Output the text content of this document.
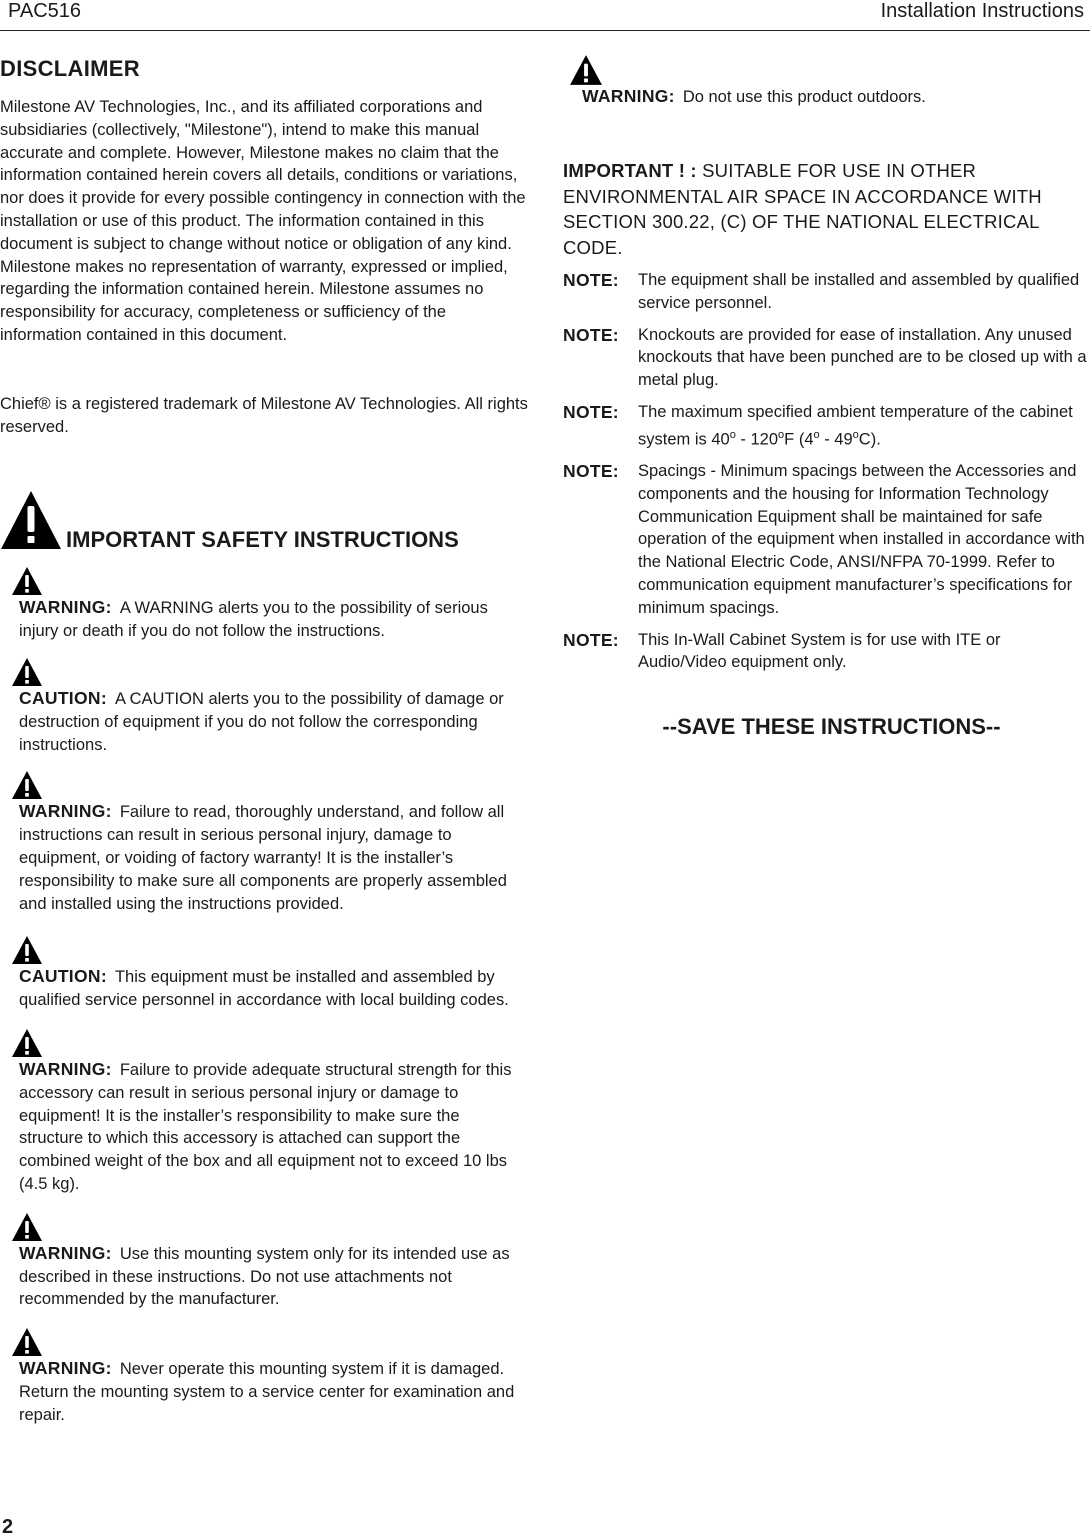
PAC516	Installation Instructions
DISCLAIMER

Milestone AV Technologies, Inc., and its affiliated corporations and subsidiaries (collectively, "Milestone"), intend to make this manual accurate and complete. However, Milestone makes no claim that the information contained herein covers all details, conditions or variations, nor does it provide for every possible contingency in connection with the installation or use of this product. The information contained in this document is subject to change without notice or obligation of any kind. Milestone makes no representation of warranty, expressed or implied, regarding the information contained herein. Milestone assumes no responsibility for accuracy, completeness or sufficiency of the information contained in this document.

Chief® is a registered trademark of Milestone AV Technologies. All rights reserved.

IMPORTANT SAFETY INSTRUCTIONS

WARNING: A WARNING alerts you to the possibility of serious injury or death if you do not follow the instructions.

CAUTION: A CAUTION alerts you to the possibility of damage or destruction of equipment if you do not follow the corresponding instructions.

WARNING: Failure to read, thoroughly understand, and follow all instructions can result in serious personal injury, damage to equipment, or voiding of factory warranty! It is the installer’s responsibility to make sure all components are properly assembled and installed using the instructions provided.

CAUTION: This equipment must be installed and assembled by qualified service personnel in accordance with local building codes.

WARNING: Failure to provide adequate structural strength for this accessory can result in serious personal injury or damage to equipment! It is the installer’s responsibility to make sure the structure to which this accessory is attached can support the combined weight of the box and all equipment not to exceed 10 lbs (4.5 kg).

WARNING: Use this mounting system only for its intended use as described in these instructions. Do not use attachments not recommended by the manufacturer.

WARNING: Never operate this mounting system if it is damaged. Return the mounting system to a service center for examination and repair.

WARNING: Do not use this product outdoors.

IMPORTANT ! : SUITABLE FOR USE IN OTHER ENVIRONMENTAL AIR SPACE IN ACCORDANCE WITH SECTION 300.22, (C) OF THE NATIONAL ELECTRICAL CODE.
NOTE:	The equipment shall be installed and assembled by qualified service personnel.
NOTE:	Knockouts are provided for ease of installation. Any unused knockouts that have been punched are to be closed up with a metal plug.
NOTE:	The maximum specified ambient temperature of the cabinet system is 40$^o$ - 120$^o$F (4$^o$ - 49$^o$C).
NOTE:	Spacings - Minimum spacings between the Accessories and components and the housing for Information Technology Communication Equipment shall be maintained for safe operation of the equipment when installed in accordance with the National Electric Code, ANSI/NFPA 70-1999. Refer to communication equipment manufacturer’s specifications for minimum spacings.
NOTE:	This In-Wall Cabinet System is for use with ITE or Audio/Video equipment only.
--SAVE THESE INSTRUCTIONS--
2
